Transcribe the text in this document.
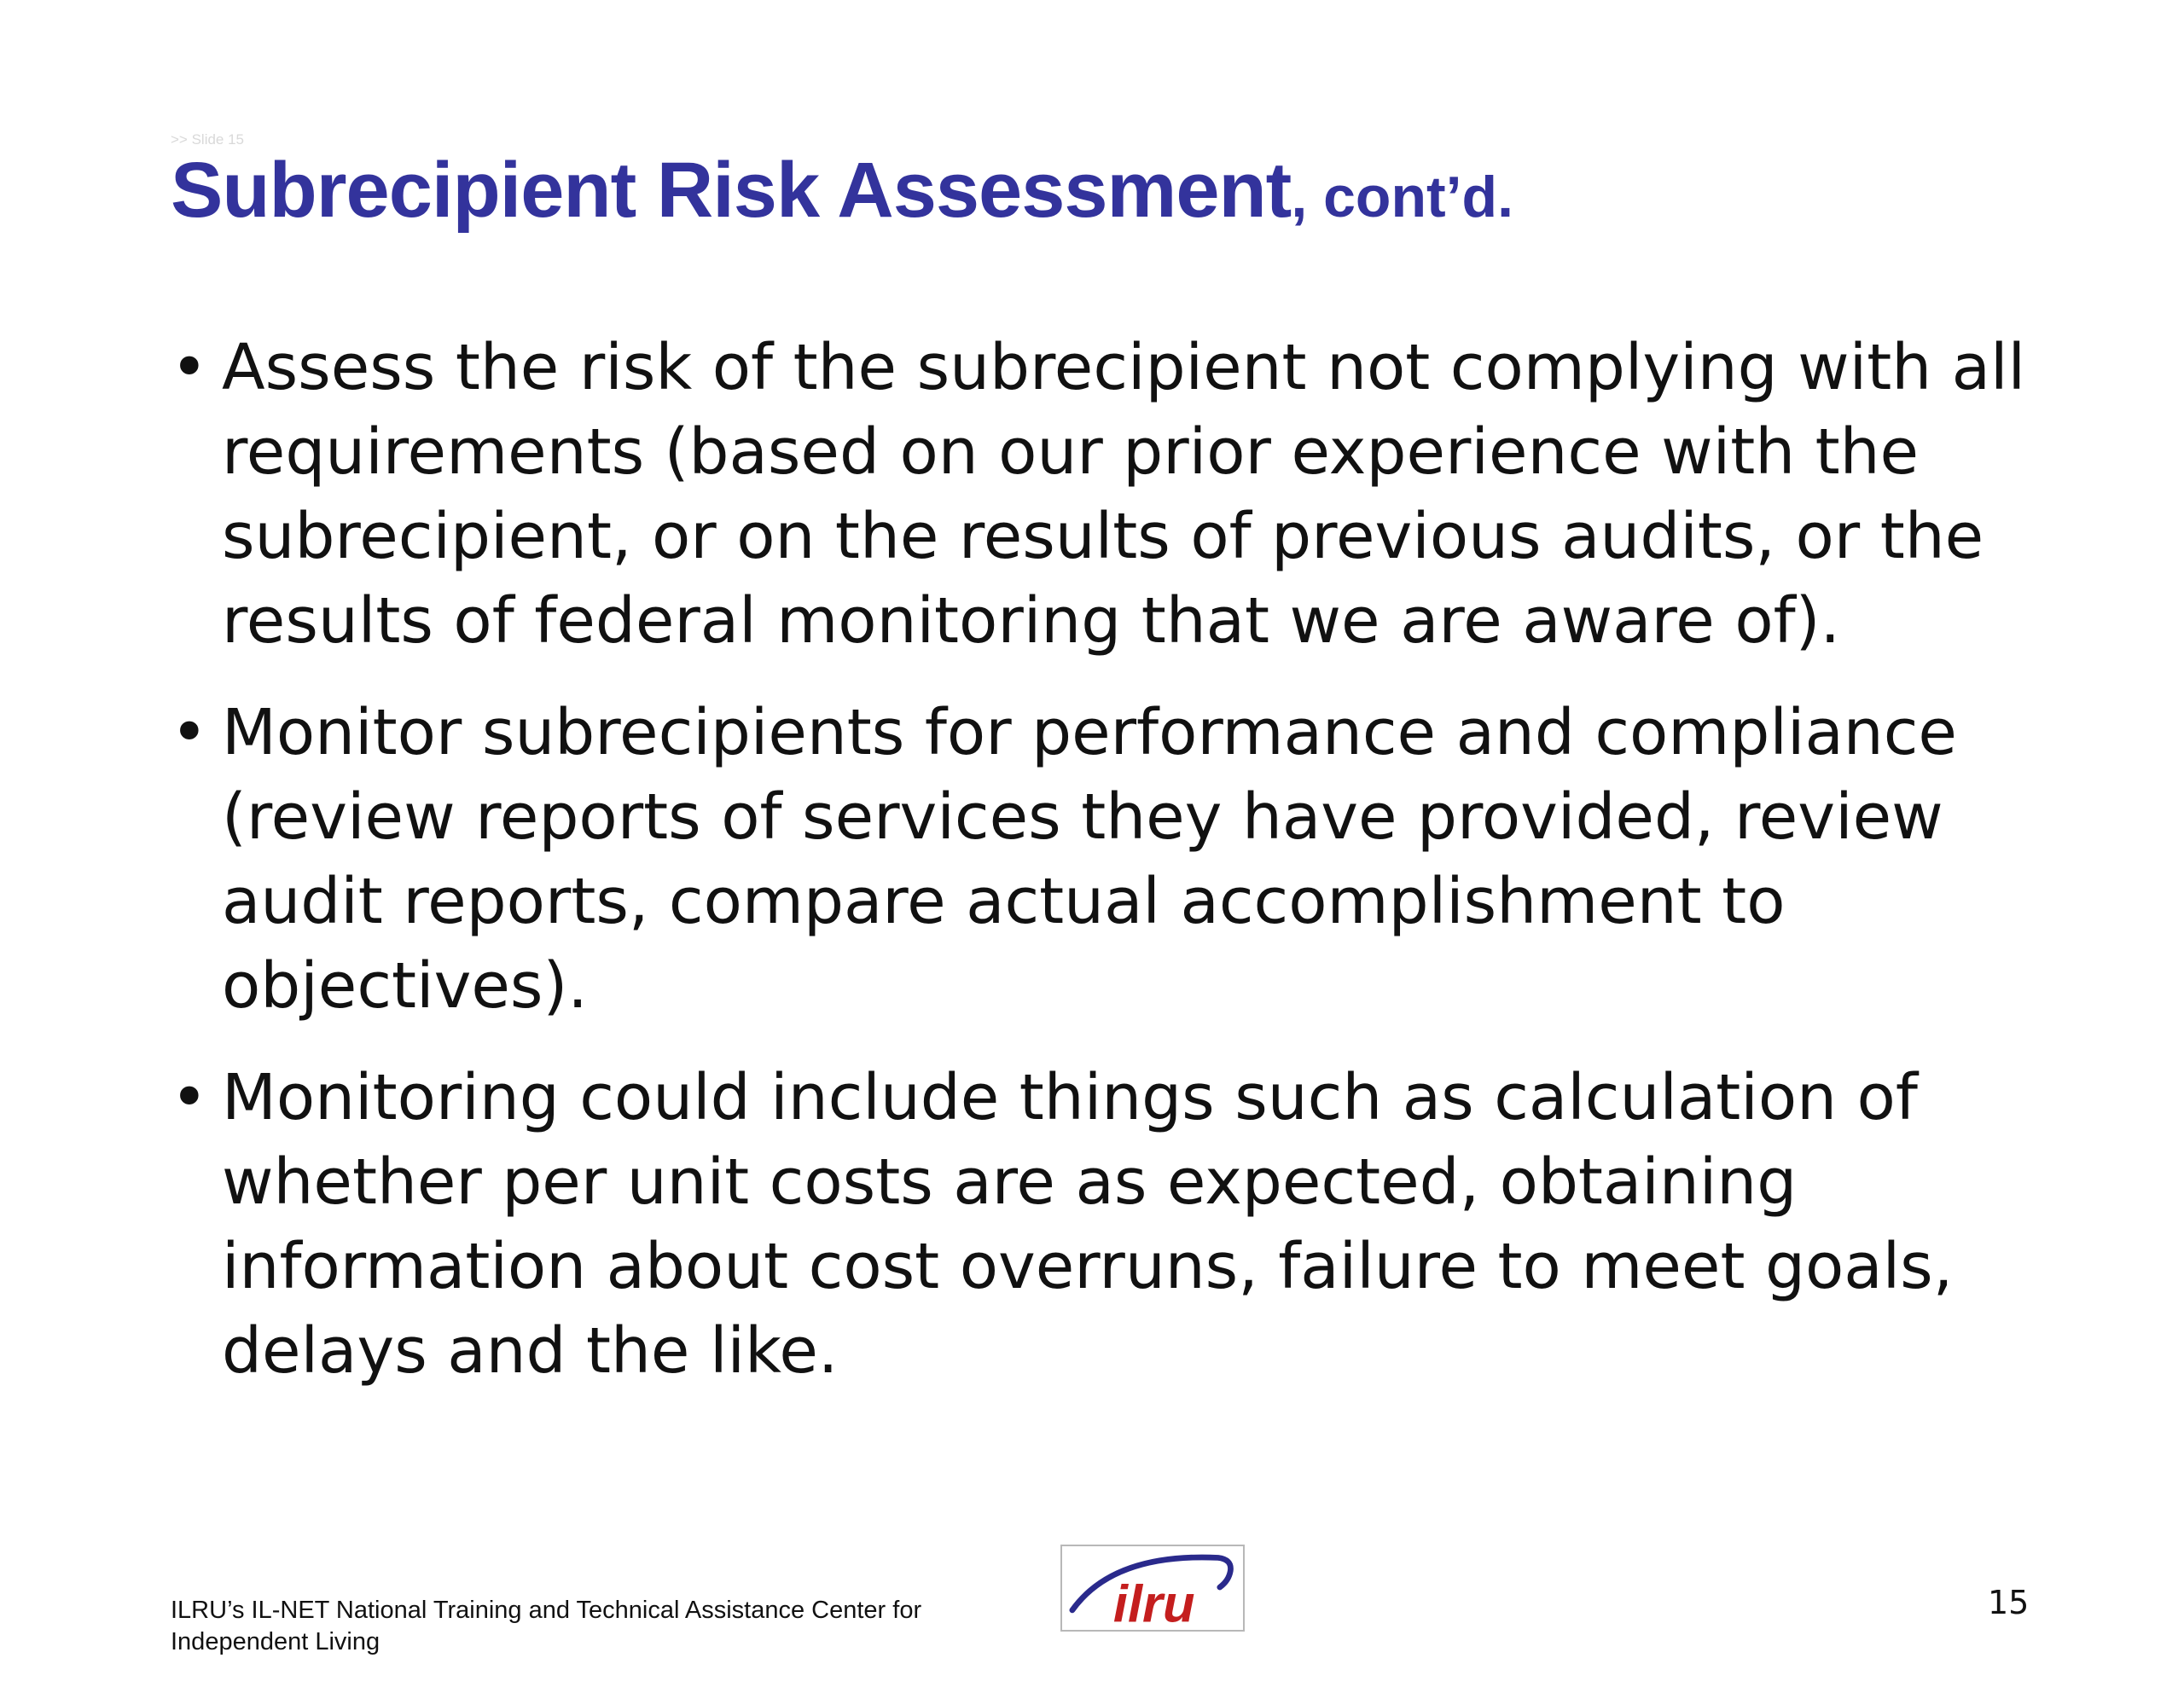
>> Slide 15
Subrecipient Risk Assessment, cont’d.
• Assess the risk of the subrecipient not complying with all requirements (based on our prior experience with the subrecipient, or on the results of previous audits, or the results of federal monitoring that we are aware of).
• Monitor subrecipients for performance and compliance (review reports of services they have provided, review audit reports, compare actual accomplishment to objectives).
• Monitoring could include things such as calculation of whether per unit costs are as expected, obtaining information about cost overruns, failure to meet goals, delays and the like.
ILRU’s IL-NET National Training and Technical Assistance Center for
Independent Living
ilru	15
